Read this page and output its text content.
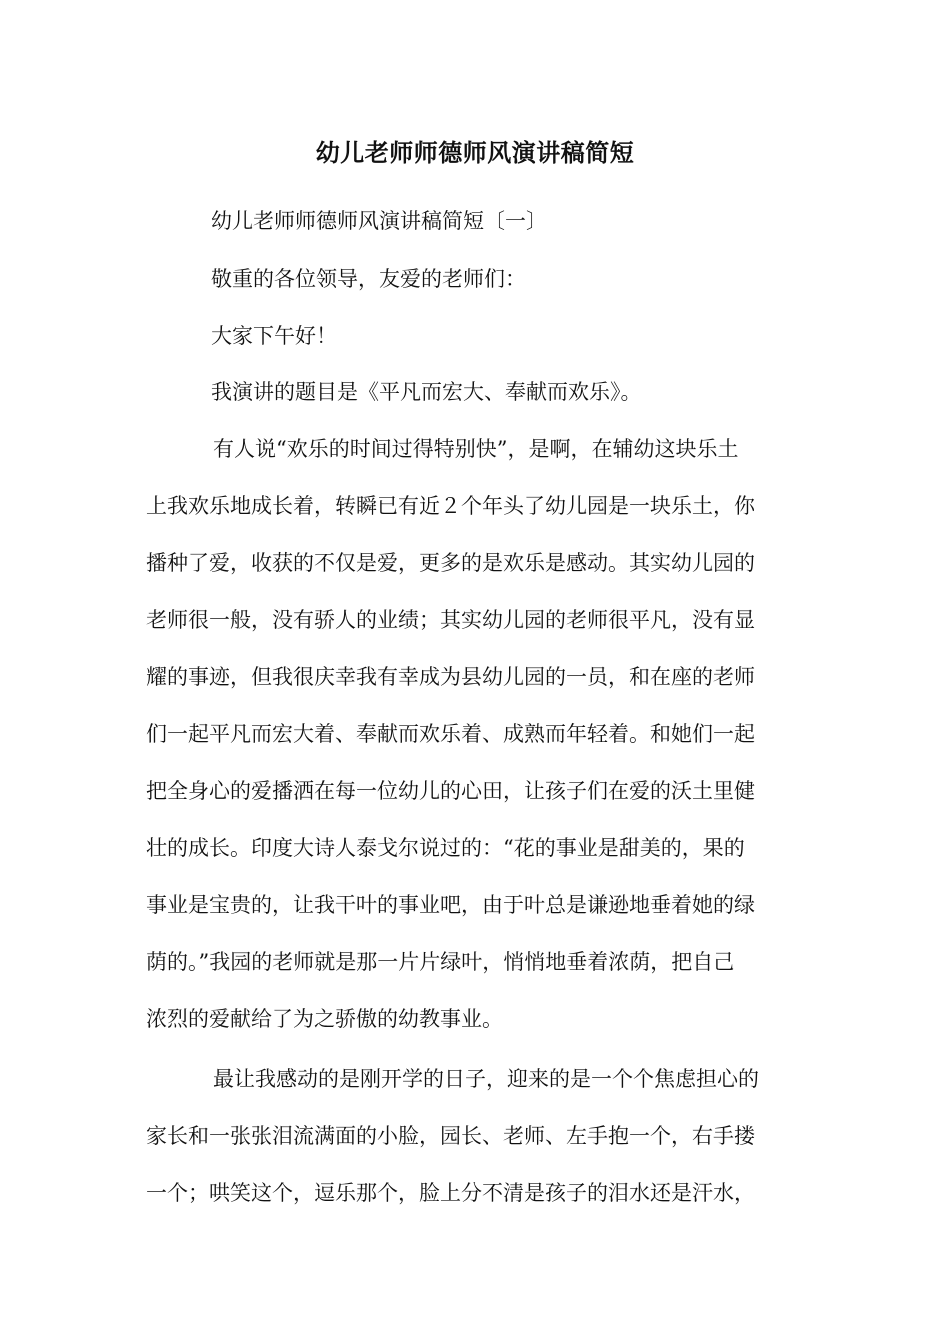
幼儿老师师德师风演讲稿简短
幼儿老师师德师风演讲稿简短〔一〕
敬重的各位领导，友爱的老师们：
大家下午好！
我演讲的题目是《平凡而宏大、奉献而欢乐》。
有人说“欢乐的时间过得特别快”，是啊，在辅幼这块乐土
上我欢乐地成长着，转瞬已有近２个年头了幼儿园是一块乐土，你
播种了爱，收获的不仅是爱，更多的是欢乐是感动。其实幼儿园的
老师很一般，没有骄人的业绩；其实幼儿园的老师很平凡，没有显
耀的事迹，但我很庆幸我有幸成为县幼儿园的一员，和在座的老师
们一起平凡而宏大着、奉献而欢乐着、成熟而年轻着。和她们一起
把全身心的爱播洒在每一位幼儿的心田，让孩子们在爱的沃土里健
壮的成长。印度大诗人泰戈尔说过的：“花的事业是甜美的，果的
事业是宝贵的，让我干叶的事业吧，由于叶总是谦逊地垂着她的绿
荫的。”我园的老师就是那一片片绿叶，悄悄地垂着浓荫，把自己
浓烈的爱献给了为之骄傲的幼教事业。
最让我感动的是刚开学的日子，迎来的是一个个焦虑担心的
家长和一张张泪流满面的小脸，园长、老师、左手抱一个，右手搂
一个；哄笑这个，逗乐那个，脸上分不清是孩子的泪水还是汗水，
